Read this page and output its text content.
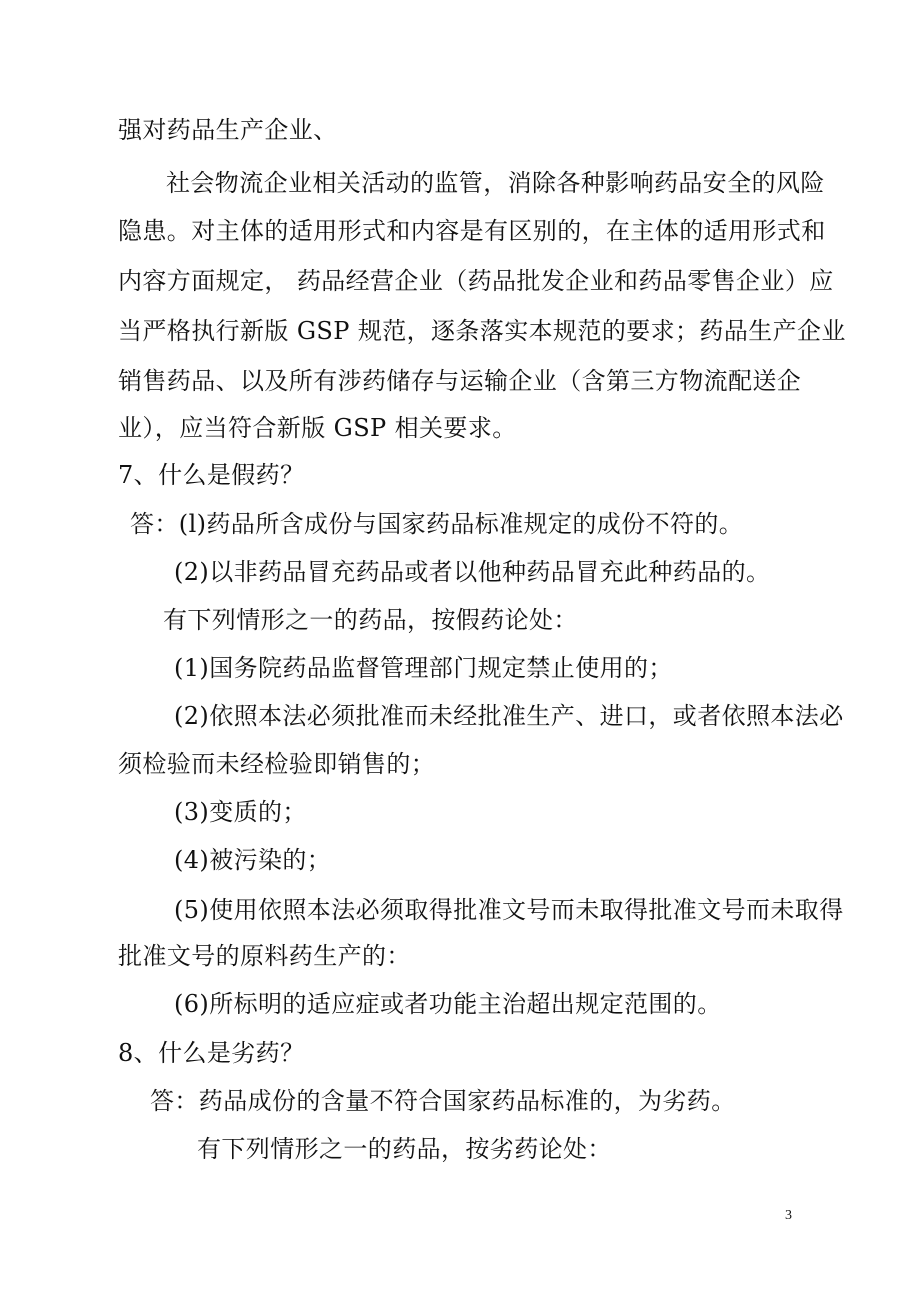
强对药品生产企业、
社会物流企业相关活动的监管，消除各种影响药品安全的风险
隐患。对主体的适用形式和内容是有区别的，在主体的适用形式和
内容方面规定， 药品经营企业（药品批发企业和药品零售企业）应
当严格执行新版 GSP 规范，逐条落实本规范的要求；药品生产企业
销售药品、以及所有涉药储存与运输企业（含第三方物流配送企
业），应当符合新版 GSP 相关要求。
7、什么是假药？
答：(l)药品所含成份与国家药品标准规定的成份不符的。
(2)以非药品冒充药品或者以他种药品冒充此种药品的。
有下列情形之一的药品，按假药论处：
(1)国务院药品监督管理部门规定禁止使用的；
(2)依照本法必须批准而未经批准生产、进口，或者依照本法必
须检验而未经检验即销售的；
(3)变质的；
(4)被污染的；
(5)使用依照本法必须取得批准文号而未取得批准文号而未取得
批准文号的原料药生产的：
(6)所标明的适应症或者功能主治超出规定范围的。
8、什么是劣药？
答：药品成份的含量不符合国家药品标准的，为劣药。
有下列情形之一的药品，按劣药论处：
3
